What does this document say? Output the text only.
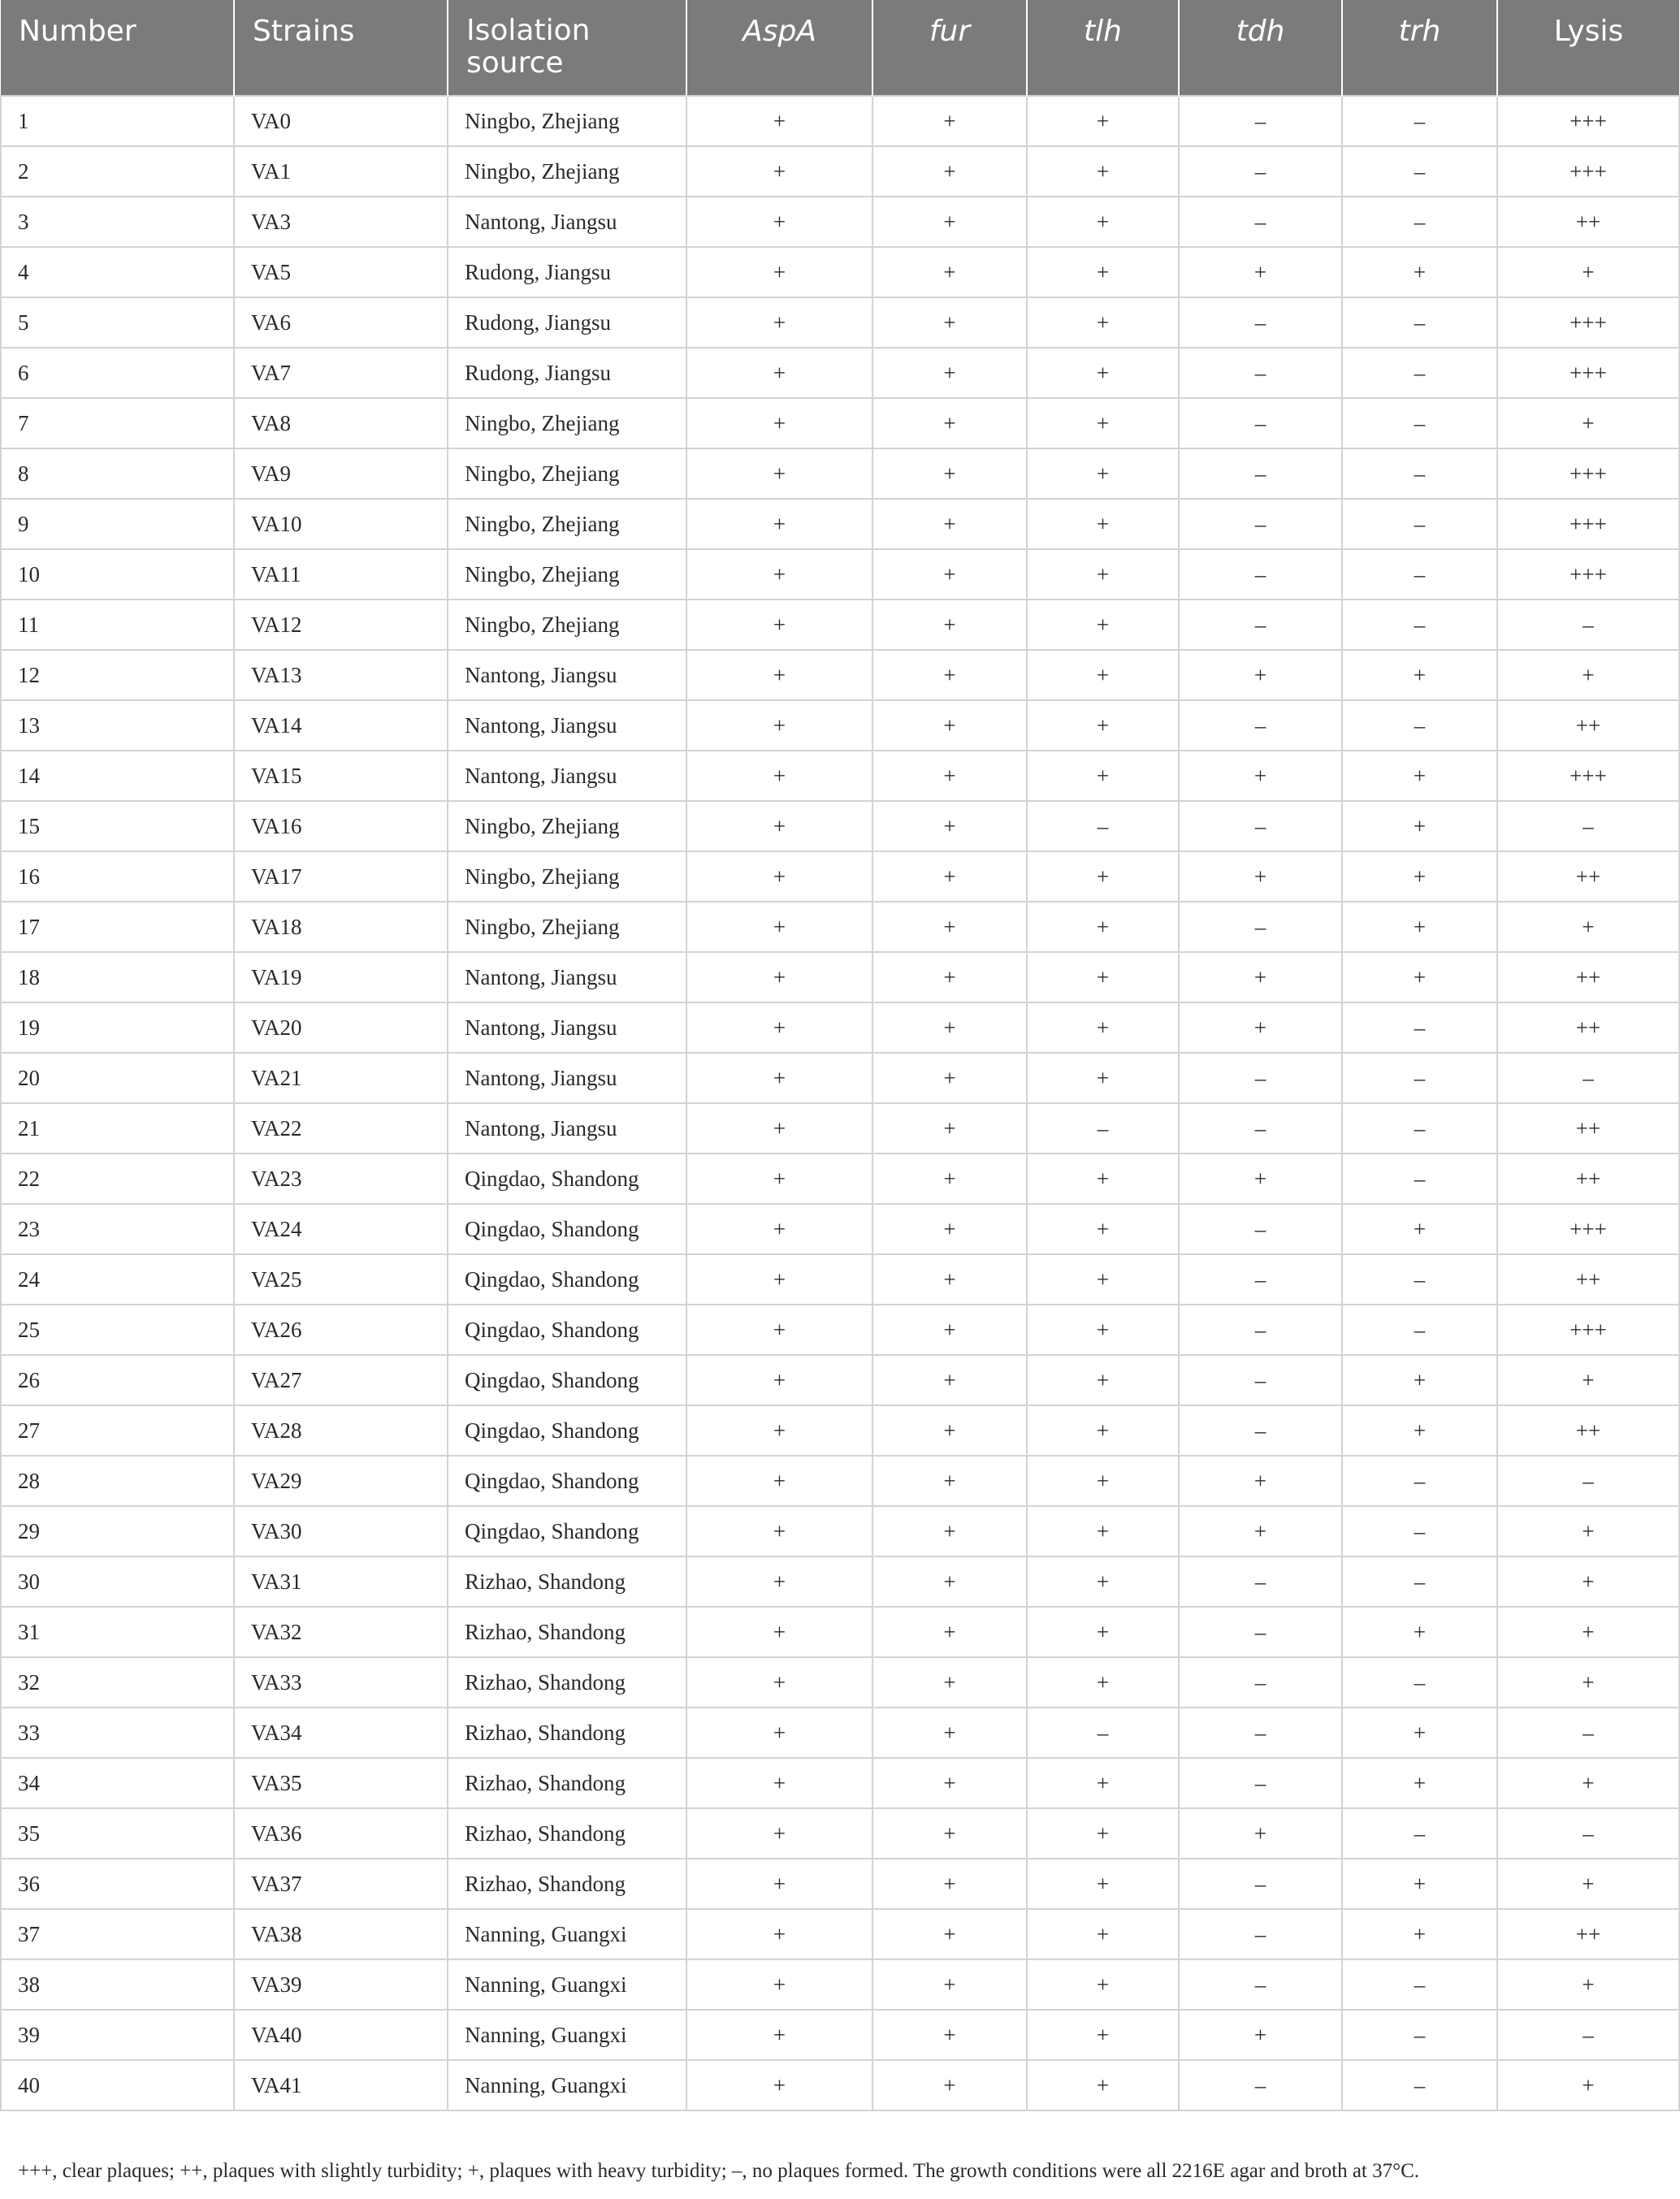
Number	Strains	Isolation source	AspA	fur	tlh	tdh	trh	Lysis
1	VA0	Ningbo, Zhejiang	+	+	+	–	–	+++
2	VA1	Ningbo, Zhejiang	+	+	+	–	–	+++
3	VA3	Nantong, Jiangsu	+	+	+	–	–	++
4	VA5	Rudong, Jiangsu	+	+	+	+	+	+
5	VA6	Rudong, Jiangsu	+	+	+	–	–	+++
6	VA7	Rudong, Jiangsu	+	+	+	–	–	+++
7	VA8	Ningbo, Zhejiang	+	+	+	–	–	+
8	VA9	Ningbo, Zhejiang	+	+	+	–	–	+++
9	VA10	Ningbo, Zhejiang	+	+	+	–	–	+++
10	VA11	Ningbo, Zhejiang	+	+	+	–	–	+++
11	VA12	Ningbo, Zhejiang	+	+	+	–	–	–
12	VA13	Nantong, Jiangsu	+	+	+	+	+	+
13	VA14	Nantong, Jiangsu	+	+	+	–	–	++
14	VA15	Nantong, Jiangsu	+	+	+	+	+	+++
15	VA16	Ningbo, Zhejiang	+	+	–	–	+	–
16	VA17	Ningbo, Zhejiang	+	+	+	+	+	++
17	VA18	Ningbo, Zhejiang	+	+	+	–	+	+
18	VA19	Nantong, Jiangsu	+	+	+	+	+	++
19	VA20	Nantong, Jiangsu	+	+	+	+	–	++
20	VA21	Nantong, Jiangsu	+	+	+	–	–	–
21	VA22	Nantong, Jiangsu	+	+	–	–	–	++
22	VA23	Qingdao, Shandong	+	+	+	+	–	++
23	VA24	Qingdao, Shandong	+	+	+	–	+	+++
24	VA25	Qingdao, Shandong	+	+	+	–	–	++
25	VA26	Qingdao, Shandong	+	+	+	–	–	+++
26	VA27	Qingdao, Shandong	+	+	+	–	+	+
27	VA28	Qingdao, Shandong	+	+	+	–	+	++
28	VA29	Qingdao, Shandong	+	+	+	+	–	–
29	VA30	Qingdao, Shandong	+	+	+	+	–	+
30	VA31	Rizhao, Shandong	+	+	+	–	–	+
31	VA32	Rizhao, Shandong	+	+	+	–	+	+
32	VA33	Rizhao, Shandong	+	+	+	–	–	+
33	VA34	Rizhao, Shandong	+	+	–	–	+	–
34	VA35	Rizhao, Shandong	+	+	+	–	+	+
35	VA36	Rizhao, Shandong	+	+	+	+	–	–
36	VA37	Rizhao, Shandong	+	+	+	–	+	+
37	VA38	Nanning, Guangxi	+	+	+	–	+	++
38	VA39	Nanning, Guangxi	+	+	+	–	–	+
39	VA40	Nanning, Guangxi	+	+	+	+	–	–
40	VA41	Nanning, Guangxi	+	+	+	–	–	+
+++, clear plaques; ++, plaques with slightly turbidity; +, plaques with heavy turbidity; –, no plaques formed. The growth conditions were all 2216E agar and broth at 37°C.
